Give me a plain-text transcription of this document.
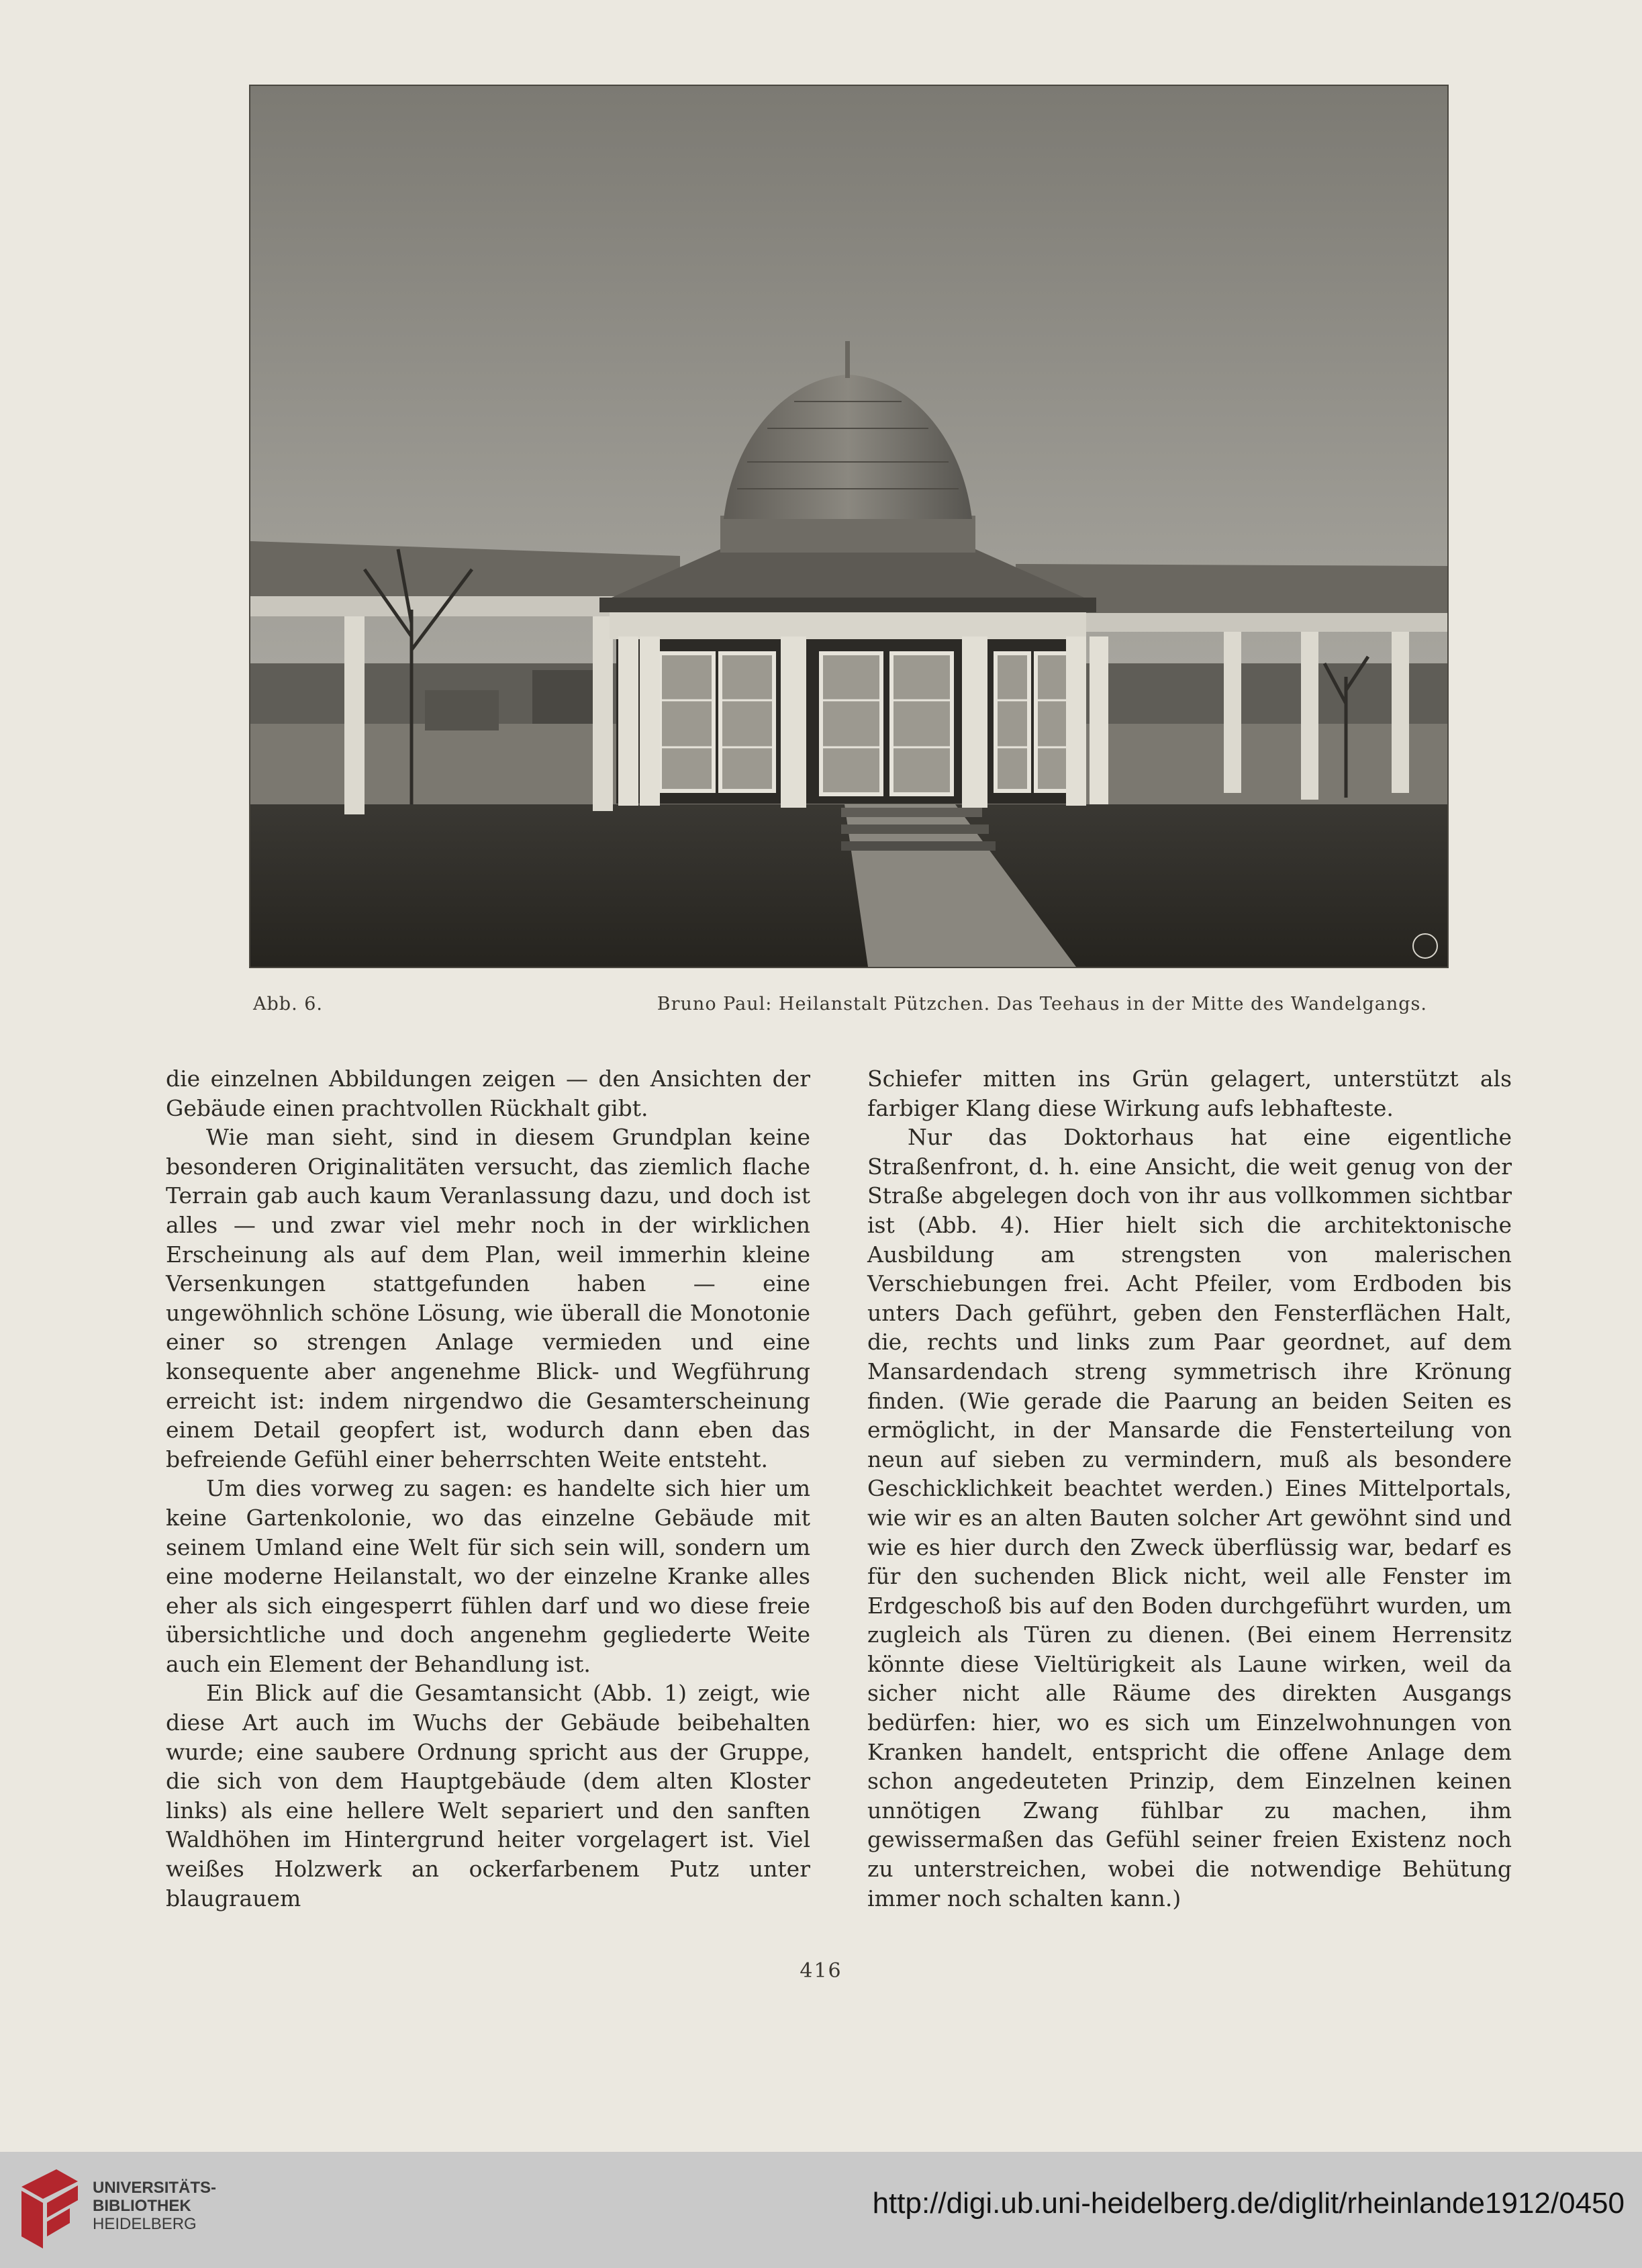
Abb. 6.	Bruno Paul: Heilanstalt Pützchen. Das Teehaus in der Mitte des Wandelgangs.

die einzelnen Abbildungen zeigen — den Ansichten der Gebäude einen prachtvollen Rückhalt gibt.

Wie man sieht, sind in diesem Grundplan keine besonderen Originalitäten versucht, das ziemlich flache Terrain gab auch kaum Veranlassung dazu, und doch ist alles — und zwar viel mehr noch in der wirklichen Erscheinung als auf dem Plan, weil immerhin kleine Versenkungen stattgefunden haben — eine ungewöhnlich schöne Lösung, wie überall die Monotonie einer so strengen Anlage vermieden und eine konsequente aber angenehme Blick- und Wegführung erreicht ist: indem nirgendwo die Gesamterscheinung einem Detail geopfert ist, wodurch dann eben das befreiende Gefühl einer beherrschten Weite entsteht.

Um dies vorweg zu sagen: es handelte sich hier um keine Gartenkolonie, wo das einzelne Gebäude mit seinem Umland eine Welt für sich sein will, sondern um eine moderne Heilanstalt, wo der einzelne Kranke alles eher als sich eingesperrt fühlen darf und wo diese freie übersichtliche und doch angenehm gegliederte Weite auch ein Element der Behandlung ist.

Ein Blick auf die Gesamtansicht (Abb. 1) zeigt, wie diese Art auch im Wuchs der Gebäude beibehalten wurde; eine saubere Ordnung spricht aus der Gruppe, die sich von dem Hauptgebäude (dem alten Kloster links) als eine hellere Welt separiert und den sanften Waldhöhen im Hintergrund heiter vorgelagert ist. Viel weißes Holzwerk an ockerfarbenem Putz unter blaugrauem

Schiefer mitten ins Grün gelagert, unterstützt als farbiger Klang diese Wirkung aufs lebhafteste.

Nur das Doktorhaus hat eine eigentliche Straßenfront, d. h. eine Ansicht, die weit genug von der Straße abgelegen doch von ihr aus vollkommen sichtbar ist (Abb. 4). Hier hielt sich die architektonische Ausbildung am strengsten von malerischen Verschiebungen frei. Acht Pfeiler, vom Erdboden bis unters Dach geführt, geben den Fensterflächen Halt, die, rechts und links zum Paar geordnet, auf dem Mansardendach streng symmetrisch ihre Krönung finden. (Wie gerade die Paarung an beiden Seiten es ermöglicht, in der Mansarde die Fensterteilung von neun auf sieben zu vermindern, muß als besondere Geschicklichkeit beachtet werden.) Eines Mittelportals, wie wir es an alten Bauten solcher Art gewöhnt sind und wie es hier durch den Zweck überflüssig war, bedarf es für den suchenden Blick nicht, weil alle Fenster im Erdgeschoß bis auf den Boden durchgeführt wurden, um zugleich als Türen zu dienen. (Bei einem Herrensitz könnte diese Vieltürigkeit als Laune wirken, weil da sicher nicht alle Räume des direkten Ausgangs bedürfen: hier, wo es sich um Einzelwohnungen von Kranken handelt, entspricht die offene Anlage dem schon angedeuteten Prinzip, dem Einzelnen keinen unnötigen Zwang fühlbar zu machen, ihm gewissermaßen das Gefühl seiner freien Existenz noch zu unterstreichen, wobei die notwendige Behütung immer noch schalten kann.)

416
UNIVERSITÄTS-
BIBLIOTHEK
HEIDELBERG
http://digi.ub.uni-heidelberg.de/diglit/rheinlande1912/0450
